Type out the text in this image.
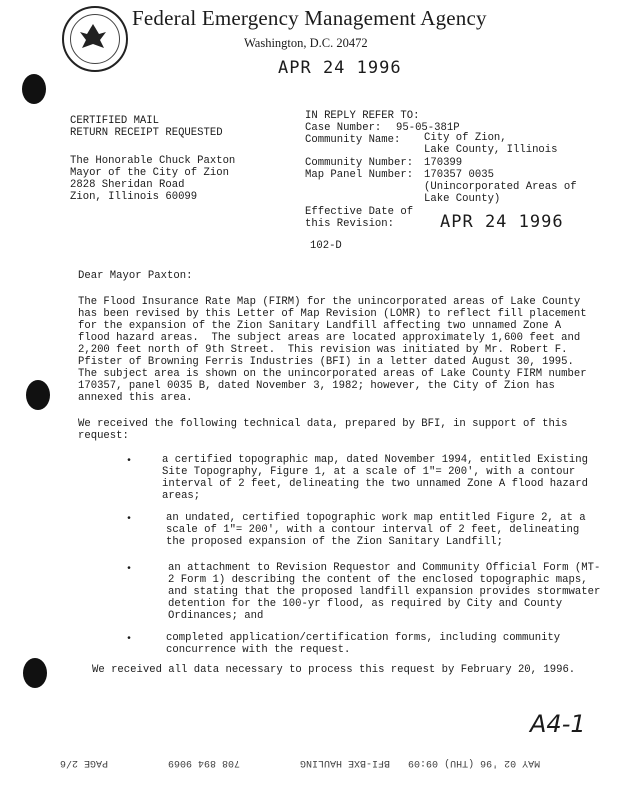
Federal Emergency Management Agency
Washington, D.C. 20472
APR 24 1996
CERTIFIED MAIL
RETURN RECEIPT REQUESTED
The Honorable Chuck Paxton
Mayor of the City of Zion
2828 Sheridan Road
Zion, Illinois 60099
IN REPLY REFER TO:
Case Number: 95-05-381P
Community Name: City of Zion,
Lake County, Illinois
Community Number: 170399
Map Panel Number: 170357 0035
(Unincorporated Areas of
Lake County)
Effective Date of
this Revision:	APR 24 1996
102-D
Dear Mayor Paxton:
The Flood Insurance Rate Map (FIRM) for the unincorporated areas of Lake County
has been revised by this Letter of Map Revision (LOMR) to reflect fill placement
for the expansion of the Zion Sanitary Landfill affecting two unnamed Zone A
flood hazard areas.  The subject areas are located approximately 1,600 feet and
2,200 feet north of 9th Street.  This revision was initiated by Mr. Robert F.
Pfister of Browning Ferris Industries (BFI) in a letter dated August 30, 1995.
The subject area is shown on the unincorporated areas of Lake County FIRM number
170357, panel 0035 B, dated November 3, 1982; however, the City of Zion has
annexed this area.
We received the following technical data, prepared by BFI, in support of this
request:
•	a certified topographic map, dated November 1994, entitled Existing
Site Topography, Figure 1, at a scale of 1"= 200', with a contour
interval of 2 feet, delineating the two unnamed Zone A flood hazard
areas;
•	an undated, certified topographic work map entitled Figure 2, at a
scale of 1"= 200', with a contour interval of 2 feet, delineating
the proposed expansion of the Zion Sanitary Landfill;
•	an attachment to Revision Requestor and Community Official Form (MT-
2 Form 1) describing the content of the enclosed topographic maps,
and stating that the proposed landfill expansion provides stormwater
detention for the 100-yr flood, as required by City and County
Ordinances; and
•	completed application/certification forms, including community
concurrence with the request.
We received all data necessary to process this request by February 20, 1996.
A4-1
MAY 02 '96 (THU) 09:09   BFI-BXE HAULING          708 894 9069          PAGE 2/6
